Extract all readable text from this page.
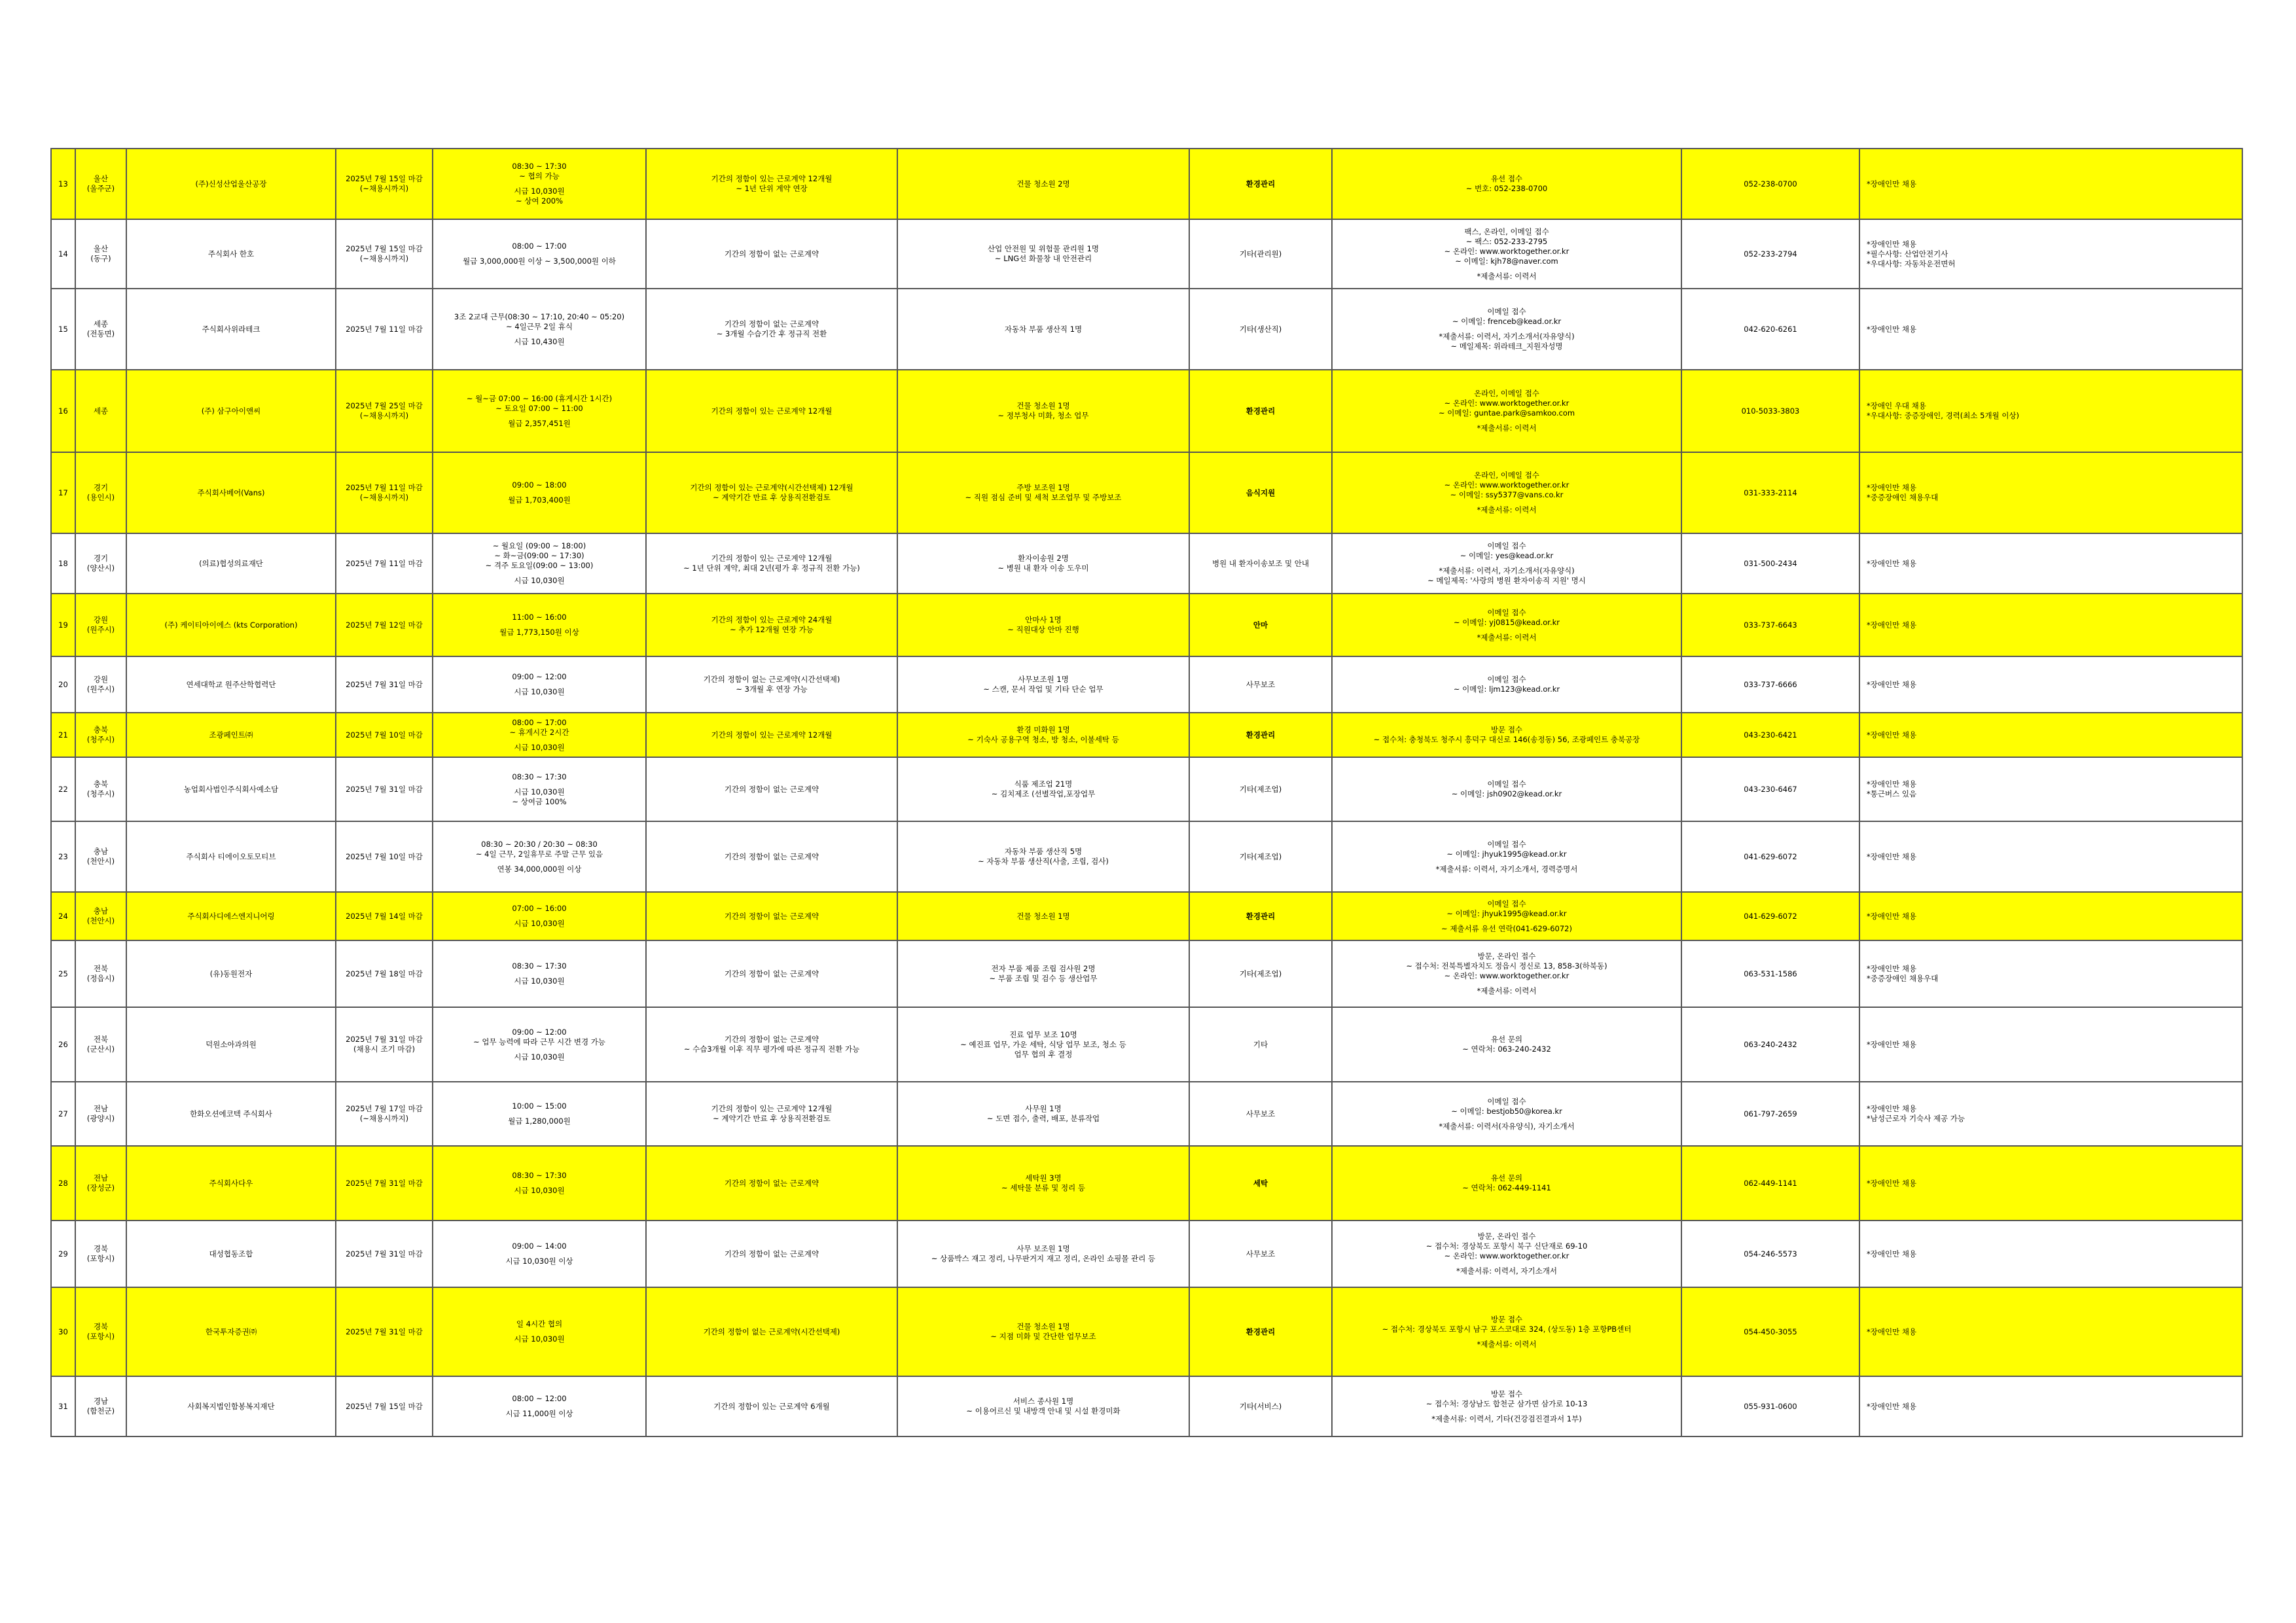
13	울산
(울주군)	(주)신성산업울산공장	2025년 7월 15일 마감
(~채용시까지)	08:30 ~ 17:30
~ 협의 가능
시급 10,030원
~ 상여 200%	기간의 정함이 있는 근로계약 12개월
~ 1년 단위 계약 연장	건물 청소원 2명	환경관리	유선 접수
~ 번호: 052-238-0700	052-238-0700	*장애인만 채용

14	울산
(동구)	주식회사 한호	2025년 7월 15일 마감
(~채용시까지)	08:00 ~ 17:00
월급 3,000,000원 이상 ~ 3,500,000원 이하	기간의 정함이 없는 근로계약	산업 안전원 및 위험물 관리원 1명
~ LNG선 화물창 내 안전관리	기타(관리원)	팩스, 온라인, 이메일 접수
~ 팩스: 052-233-2795
~ 온라인: www.worktogether.or.kr
~ 이메일: kjh78@naver.com
*제출서류: 이력서	052-233-2794	*장애인만 채용
*필수사항: 산업안전기사
*우대사항: 자동차운전면허

15	세종
(전동면)	주식회사위라테크	2025년 7월 11일 마감	3조 2교대 근무(08:30 ~ 17:10, 20:40 ~ 05:20)
~ 4일근무 2일 휴식
시급 10,430원	기간의 정함이 없는 근로계약
~ 3개월 수습기간 후 정규직 전환	자동차 부품 생산직 1명	기타(생산직)	이메일 접수
~ 이메일: frenceb@kead.or.kr
*제출서류: 이력서, 자기소개서(자유양식)
~ 메일제목: 위라테크_지원자성명	042-620-6261	*장애인만 채용

16	세종	(주) 삼구아이앤씨	2025년 7월 25일 마감
(~채용시까지)	~ 월~금 07:00 ~ 16:00 (휴게시간 1시간)
~ 토요일 07:00 ~ 11:00
월급 2,357,451원	기간의 정함이 있는 근로계약 12개월	건물 청소원 1명
~ 정부청사 미화, 청소 업무	환경관리	온라인, 이메일 접수
~ 온라인: www.worktogether.or.kr
~ 이메일: guntae.park@samkoo.com
*제출서류: 이력서	010-5033-3803	*장애인 우대 채용
*우대사항: 중증장애인, 경력(최소 5개월 이상)

17	경기
(용인시)	주식회사베어(Vans)	2025년 7월 11일 마감
(~채용시까지)	09:00 ~ 18:00
월급 1,703,400원	기간의 정함이 있는 근로계약(시간선택제) 12개월
~ 계약기간 만료 후 상용직전환검토	주방 보조원 1명
~ 직원 점심 준비 및 세척 보조업무 및 주방보조	음식지원	온라인, 이메일 접수
~ 온라인: www.worktogether.or.kr
~ 이메일: ssy5377@vans.co.kr
*제출서류: 이력서	031-333-2114	*장애인만 채용
*중증장애인 채용우대

18	경기
(양산시)	(의료)협성의료재단	2025년 7월 11일 마감	~ 월요일 (09:00 ~ 18:00)
~ 화~금(09:00 ~ 17:30)
~ 격주 토요일(09:00 ~ 13:00)
시급 10,030원	기간의 정함이 있는 근로계약 12개월
~ 1년 단위 계약, 최대 2년(평가 후 정규직 전환 가능)	환자이송원 2명
~ 병원 내 환자 이송 도우미	병원 내 환자이송보조 및 안내	이메일 접수
~ 이메일: yes@kead.or.kr
*제출서류: 이력서, 자기소개서(자유양식)
~ 메일제목: '사랑의 병원 환자이송직 지원' 명시	031-500-2434	*장애인만 채용

19	강원
(원주시)	(주) 케이티아이에스 (kts Corporation)	2025년 7월 12일 마감	11:00 ~ 16:00
월급 1,773,150원 이상	기간의 정함이 있는 근로계약 24개월
~ 추가 12개월 연장 가능	안마사 1명
~ 직원대상 안마 진행	안마	이메일 접수
~ 이메일: yj0815@kead.or.kr
*제출서류: 이력서	033-737-6643	*장애인만 채용

20	강원
(원주시)	연세대학교 원주산학협력단	2025년 7월 31일 마감	09:00 ~ 12:00
시급 10,030원	기간의 정함이 없는 근로계약(시간선택제)
~ 3개월 후 연장 가능	사무보조원 1명
~ 스캔, 문서 작업 및 기타 단순 업무	사무보조	이메일 접수
~ 이메일: ljm123@kead.or.kr	033-737-6666	*장애인만 채용

21	충북
(청주시)	조광페인트㈜	2025년 7월 10일 마감	08:00 ~ 17:00
~ 휴게시간 2시간
시급 10,030원	기간의 정함이 있는 근로계약 12개월	환경 미화원 1명
~ 기숙사 공용구역 청소, 방 청소, 이불세탁 등	환경관리	방문 접수
~ 접수처: 충청북도 청주시 흥덕구 대신로 146(송정동) 56, 조광페인트 충북공장	043-230-6421	*장애인만 채용

22	충북
(청주시)	농업회사법인주식회사예소담	2025년 7월 31일 마감	08:30 ~ 17:30
시급 10,030원
~ 상여금 100%	기간의 정함이 없는 근로계약	식품 제조업 21명
~ 김치제조 (선별작업,포장업무	기타(제조업)	이메일 접수
~ 이메일: jsh0902@kead.or.kr	043-230-6467	*장애인만 채용
*통근버스 있음

23	충남
(천안시)	주식회사 티에이오토모티브	2025년 7월 10일 마감	08:30 ~ 20:30 / 20:30 ~ 08:30
~ 4일 근무, 2일휴무로 주말 근무 있음
연봉 34,000,000원 이상	기간의 정함이 없는 근로계약	자동차 부품 생산직 5명
~ 자동차 부품 생산직(사출, 조립, 검사)	기타(제조업)	이메일 접수
~ 이메일: jhyuk1995@kead.or.kr
*제출서류: 이력서, 자기소개서, 경력증명서	041-629-6072	*장애인만 채용

24	충남
(천안시)	주식회사디에스엔지니어링	2025년 7월 14일 마감	07:00 ~ 16:00
시급 10,030원	기간의 정함이 없는 근로계약	건물 청소원 1명	환경관리	이메일 접수
~ 이메일: jhyuk1995@kead.or.kr
~ 제출서류 유선 연락(041-629-6072)	041-629-6072	*장애인만 채용

25	전북
(정읍시)	(유)동원전자	2025년 7월 18일 마감	08:30 ~ 17:30
시급 10,030원	기간의 정함이 없는 근로계약	전자 부품 제품 조립 검사원 2명
~ 부품 조립 및 검수 등 생산업무	기타(제조업)	방문, 온라인 접수
~ 접수처: 전북특별자치도 정읍시 정신로 13, 858-3(하북동)
~ 온라인: www.worktogether.or.kr
*제출서류: 이력서	063-531-1586	*장애인만 채용
*중증장애인 채용우대

26	전북
(군산시)	덕원소아과의원	2025년 7월 31일 마감
(채용시 조기 마감)	09:00 ~ 12:00
~ 업무 능력에 따라 근무 시간 변경 가능
시급 10,030원	기간의 정함이 없는 근로계약
~ 수습3개월 이후 직무 평가에 따른 정규직 전환 가능	진료 업무 보조 10명
~ 예진표 업무, 가운 세탁, 식당 업무 보조, 청소 등
업무 협의 후 결정	기타	유선 문의
~ 연락처: 063-240-2432	063-240-2432	*장애인만 채용

27	전남
(광양시)	한화오션에코텍 주식회사	2025년 7월 17일 마감
(~채용시까지)	10:00 ~ 15:00
월급 1,280,000원	기간의 정함이 있는 근로계약 12개월
~ 계약기간 만료 후 상용직전환검토	사무원 1명
~ 도면 접수, 출력, 배포, 분류작업	사무보조	이메일 접수
~ 이메일: bestjob50@korea.kr
*제출서류: 이력서(자유양식), 자기소개서	061-797-2659	*장애인만 채용
*남성근로자 기숙사 제공 가능

28	전남
(장성군)	주식회사다우	2025년 7월 31일 마감	08:30 ~ 17:30
시급 10,030원	기간의 정함이 없는 근로계약	세탁원 3명
~ 세탁물 분류 및 정리 등	세탁	유선 문의
~ 연락처: 062-449-1141	062-449-1141	*장애인만 채용

29	경북
(포항시)	대성협동조합	2025년 7월 31일 마감	09:00 ~ 14:00
시급 10,030원 이상	기간의 정함이 없는 근로계약	사무 보조원 1명
~ 상품박스 재고 정리, 나무판거지 재고 정리, 온라인 쇼핑몰 관리 등	사무보조	방문, 온라인 접수
~ 접수처: 경상북도 포항시 북구 신단재로 69-10
~ 온라인: www.worktogether.or.kr
*제출서류: 이력서, 자기소개서	054-246-5573	*장애인만 채용

30	경북
(포항시)	한국투자증권㈜	2025년 7월 31일 마감	일 4시간 협의
시급 10,030원	기간의 정함이 없는 근로계약(시간선택제)	건물 청소원 1명
~ 지점 미화 및 간단한 업무보조	환경관리	방문 접수
~ 접수처: 경상북도 포항시 남구 포스코대로 324, (상도동) 1층 포항PB센터
*제출서류: 이력서	054-450-3055	*장애인만 채용

31	경남
(함천군)	사회복지법인함봉복지재단	2025년 7월 15일 마감	08:00 ~ 12:00
시급 11,000원 이상	기간의 정함이 있는 근로계약 6개월	서비스 종사원 1명
~ 이용어르신 및 내방객 안내 및 시설 환경미화	기타(서비스)	방문 접수
~ 접수처: 경상남도 합천군 삼가면 삼가로 10-13
*제출서류: 이력서, 기타(건강검진결과서 1부)	055-931-0600	*장애인만 채용
